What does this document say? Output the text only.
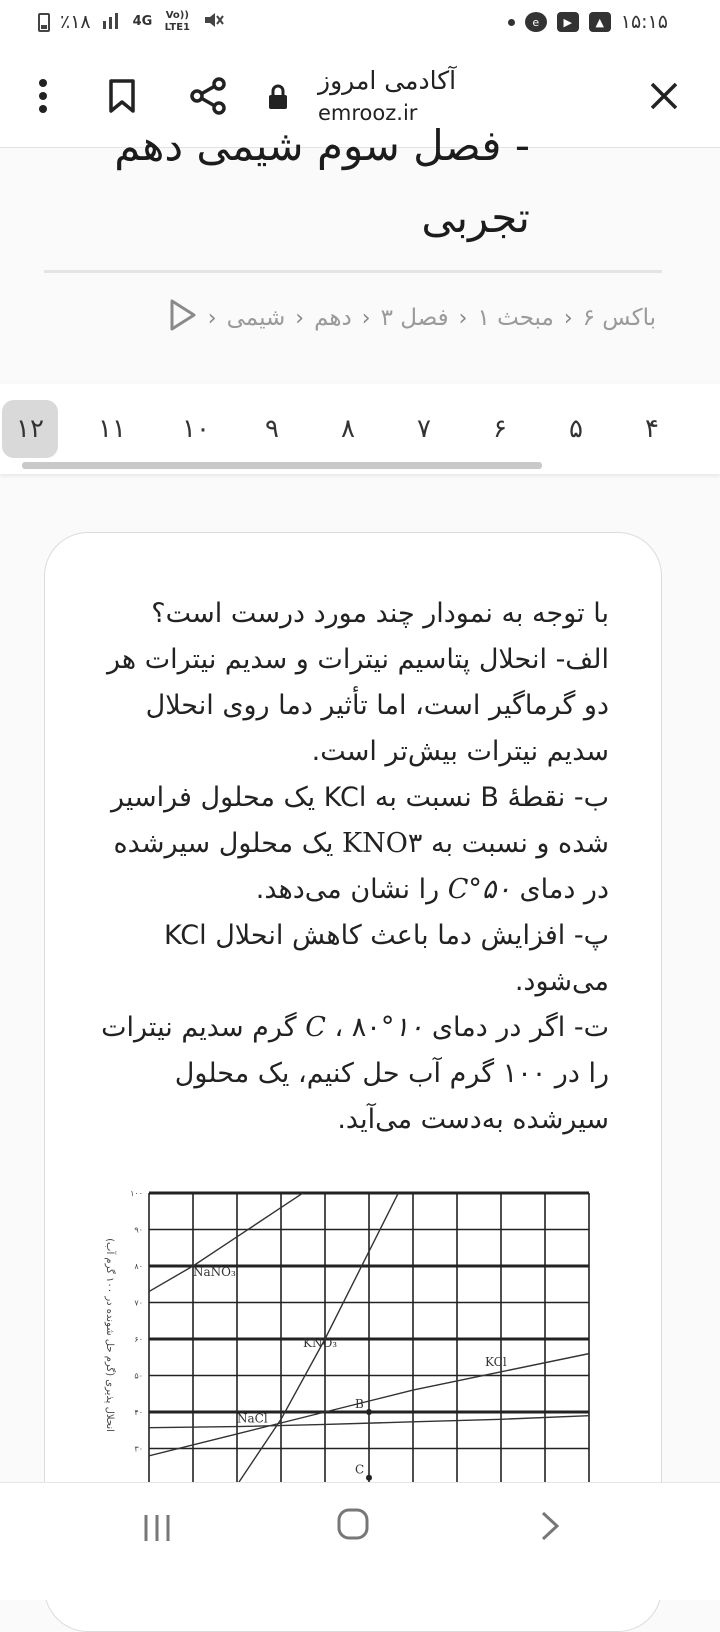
٪۱۸	4G	Vo)) LTE1	e	▶	▲ ۱۵:۱۵
آکادمی امروز
emrooz.ir
- فصل سوم شیمی دهم
تجربی
‹ شیمی ‹ دهم ‹ فصل ۳ ‹ مبحث ۱ ‹ باکس ۶
۴
۵
۶
۷
۸
۹
۱۰
۱۱
۱۲

با توجه به نمودار چند مورد درست است؟

الف- انحلال پتاسیم نیترات و سدیم نیترات هر دو گرماگیر است، اما تأثیر دما روی انحلال سدیم نیترات بیش‌تر است.

ب- نقطهٔ B نسبت به KCl یک محلول فراسیر شده و نسبت به KNO۳ یک محلول سیرشده در دمای ۵۰°C را نشان می‌دهد.

پ- افزایش دما باعث کاهش انحلال KCl می‌شود.

ت- اگر در دمای ۱۰°C ، ۸۰ گرم سدیم نیترات را در ۱۰۰ گرم آب حل کنیم، یک محلول سیرشده به‌دست می‌آید.

انحلال پذیری (گرم حل شونده در ۱۰۰ گرم آب)
۱۰۰
۹۰
۸۰
۷۰
۶۰
۵۰
۴۰
۳۰
NaNO₃
KNO₃
KCl
NaCl
B
C
